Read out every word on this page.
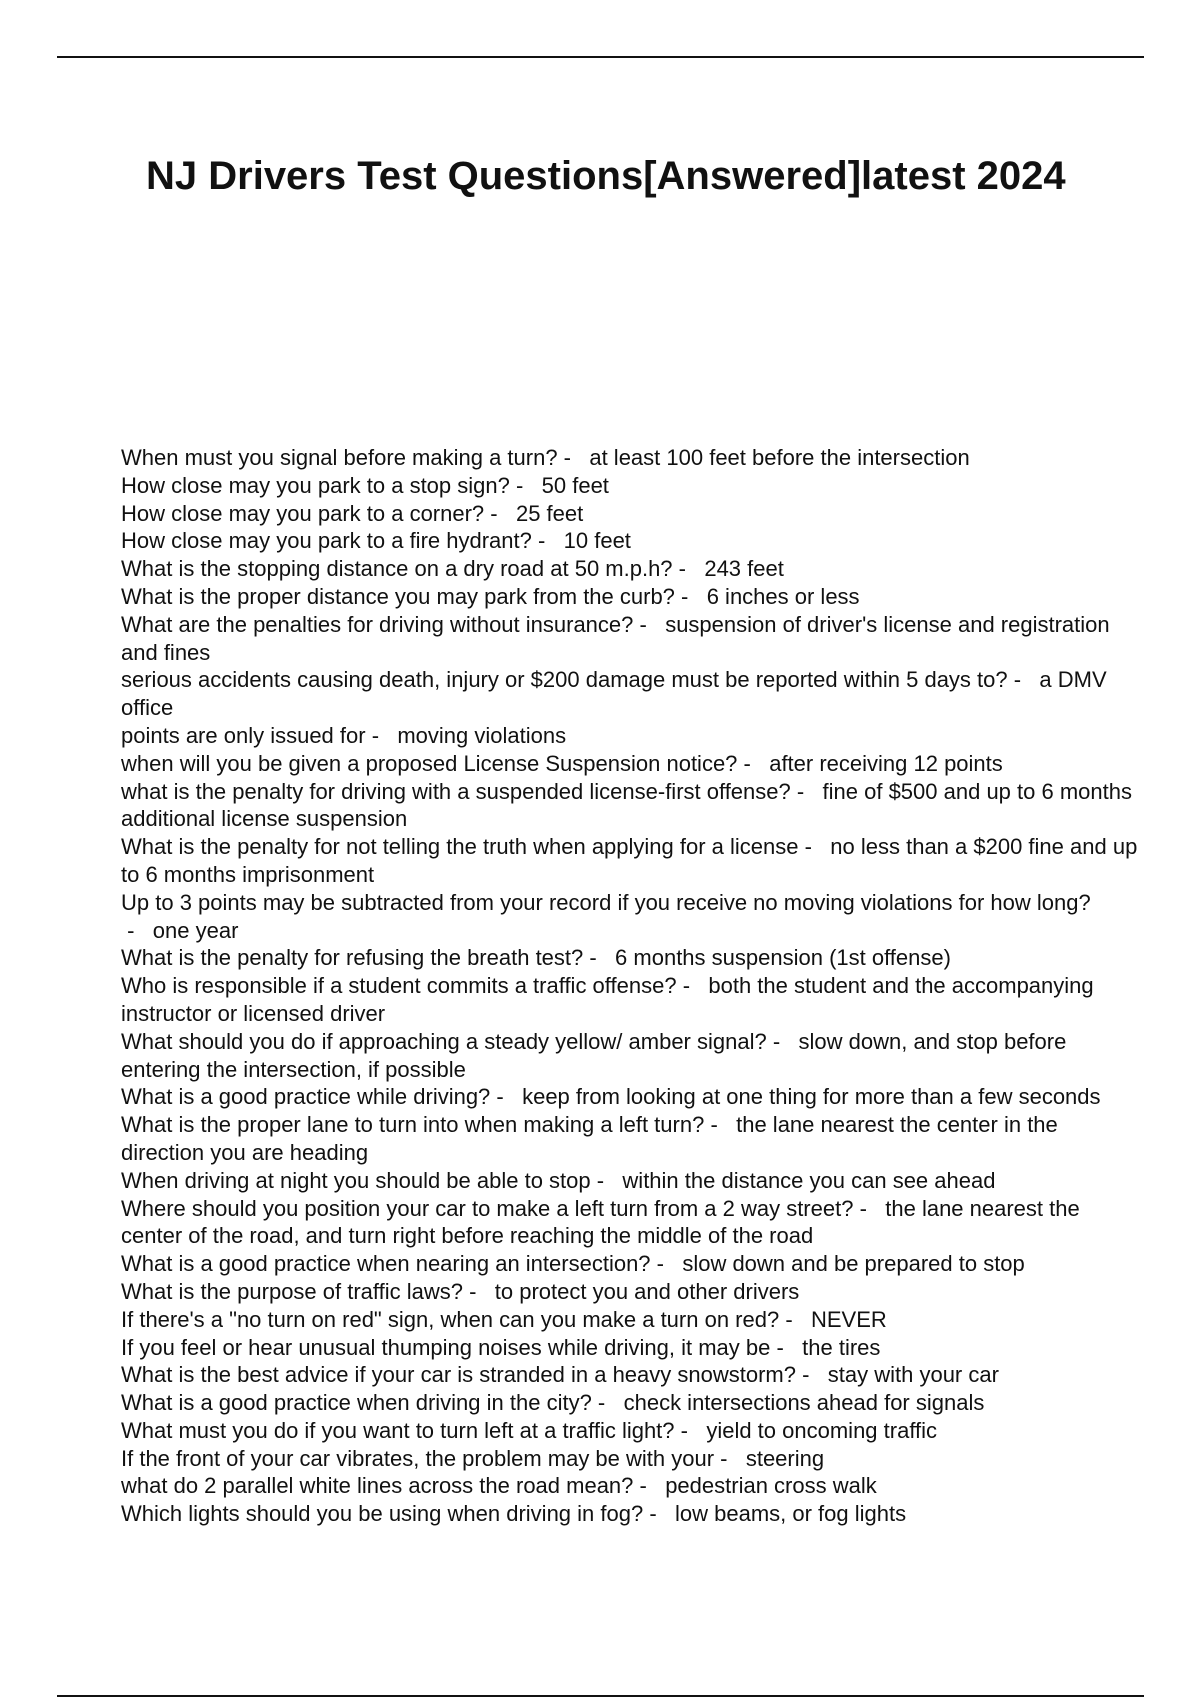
NJ Drivers Test Questions[Answered]latest 2024
When must you signal before making a turn? -   at least 100 feet before the intersection
How close may you park to a stop sign? -   50 feet
How close may you park to a corner? -   25 feet
How close may you park to a fire hydrant? -   10 feet
What is the stopping distance on a dry road at 50 m.p.h? -   243 feet
What is the proper distance you may park from the curb? -   6 inches or less
What are the penalties for driving without insurance? -   suspension of driver's license and registration and fines
serious accidents causing death, injury or $200 damage must be reported within 5 days to? -   a DMV office
points are only issued for -   moving violations
when will you be given a proposed License Suspension notice? -   after receiving 12 points
what is the penalty for driving with a suspended license-first offense? -   fine of $500 and up to 6 months additional license suspension
What is the penalty for not telling the truth when applying for a license -   no less than a $200 fine and up to 6 months imprisonment
Up to 3 points may be subtracted from your record if you receive no moving violations for how long? -   one year
What is the penalty for refusing the breath test? -   6 months suspension (1st offense)
Who is responsible if a student commits a traffic offense? -   both the student and the accompanying instructor or licensed driver
What should you do if approaching a steady yellow/ amber signal? -   slow down, and stop before entering the intersection, if possible
What is a good practice while driving? -   keep from looking at one thing for more than a few seconds
What is the proper lane to turn into when making a left turn? -   the lane nearest the center in the direction you are heading
When driving at night you should be able to stop -   within the distance you can see ahead
Where should you position your car to make a left turn from a 2 way street? -   the lane nearest the center of the road, and turn right before reaching the middle of the road
What is a good practice when nearing an intersection? -   slow down and be prepared to stop
What is the purpose of traffic laws? -   to protect you and other drivers
If there's a "no turn on red" sign, when can you make a turn on red? -   NEVER
If you feel or hear unusual thumping noises while driving, it may be -   the tires
What is the best advice if your car is stranded in a heavy snowstorm? -   stay with your car
What is a good practice when driving in the city? -   check intersections ahead for signals
What must you do if you want to turn left at a traffic light? -   yield to oncoming traffic
If the front of your car vibrates, the problem may be with your -   steering
what do 2 parallel white lines across the road mean? -   pedestrian cross walk
Which lights should you be using when driving in fog? -   low beams, or fog lights
